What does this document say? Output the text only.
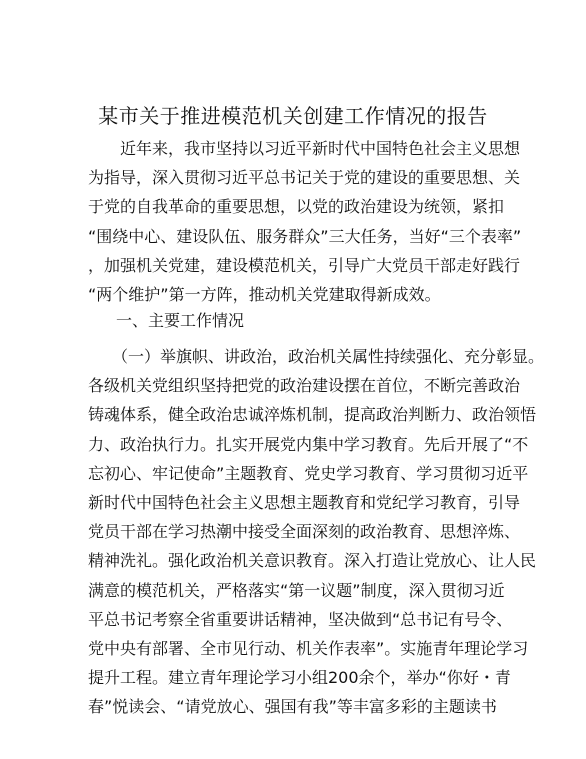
某市关于推进模范机关创建工作情况的报告
　　近年来，我市坚持以习近平新时代中国特色社会主义思想
为指导，深入贯彻习近平总书记关于党的建设的重要思想、关
于党的自我革命的重要思想，以党的政治建设为统领，紧扣
“围绕中心、建设队伍、服务群众”三大任务，当好“三个表率”
，加强机关党建，建设模范机关，引导广大党员干部走好践行
“两个维护”第一方阵，推动机关党建取得新成效。
一、主要工作情况
　　（一）举旗帜、讲政治，政治机关属性持续强化、充分彰显。
各级机关党组织坚持把党的政治建设摆在首位，不断完善政治
铸魂体系，健全政治忠诚淬炼机制，提高政治判断力、政治领悟
力、政治执行力。扎实开展党内集中学习教育。先后开展了“不
忘初心、牢记使命”主题教育、党史学习教育、学习贯彻习近平
新时代中国特色社会主义思想主题教育和党纪学习教育，引导
党员干部在学习热潮中接受全面深刻的政治教育、思想淬炼、
精神洗礼。强化政治机关意识教育。深入打造让党放心、让人民
满意的模范机关，严格落实“第一议题”制度，深入贯彻习近
平总书记考察全省重要讲话精神，坚决做到“总书记有号令、
党中央有部署、全市见行动、机关作表率”。实施青年理论学习
提升工程。建立青年理论学习小组200余个，举办“你好・青
春”悦读会、“请党放心、强国有我”等丰富多彩的主题读书
